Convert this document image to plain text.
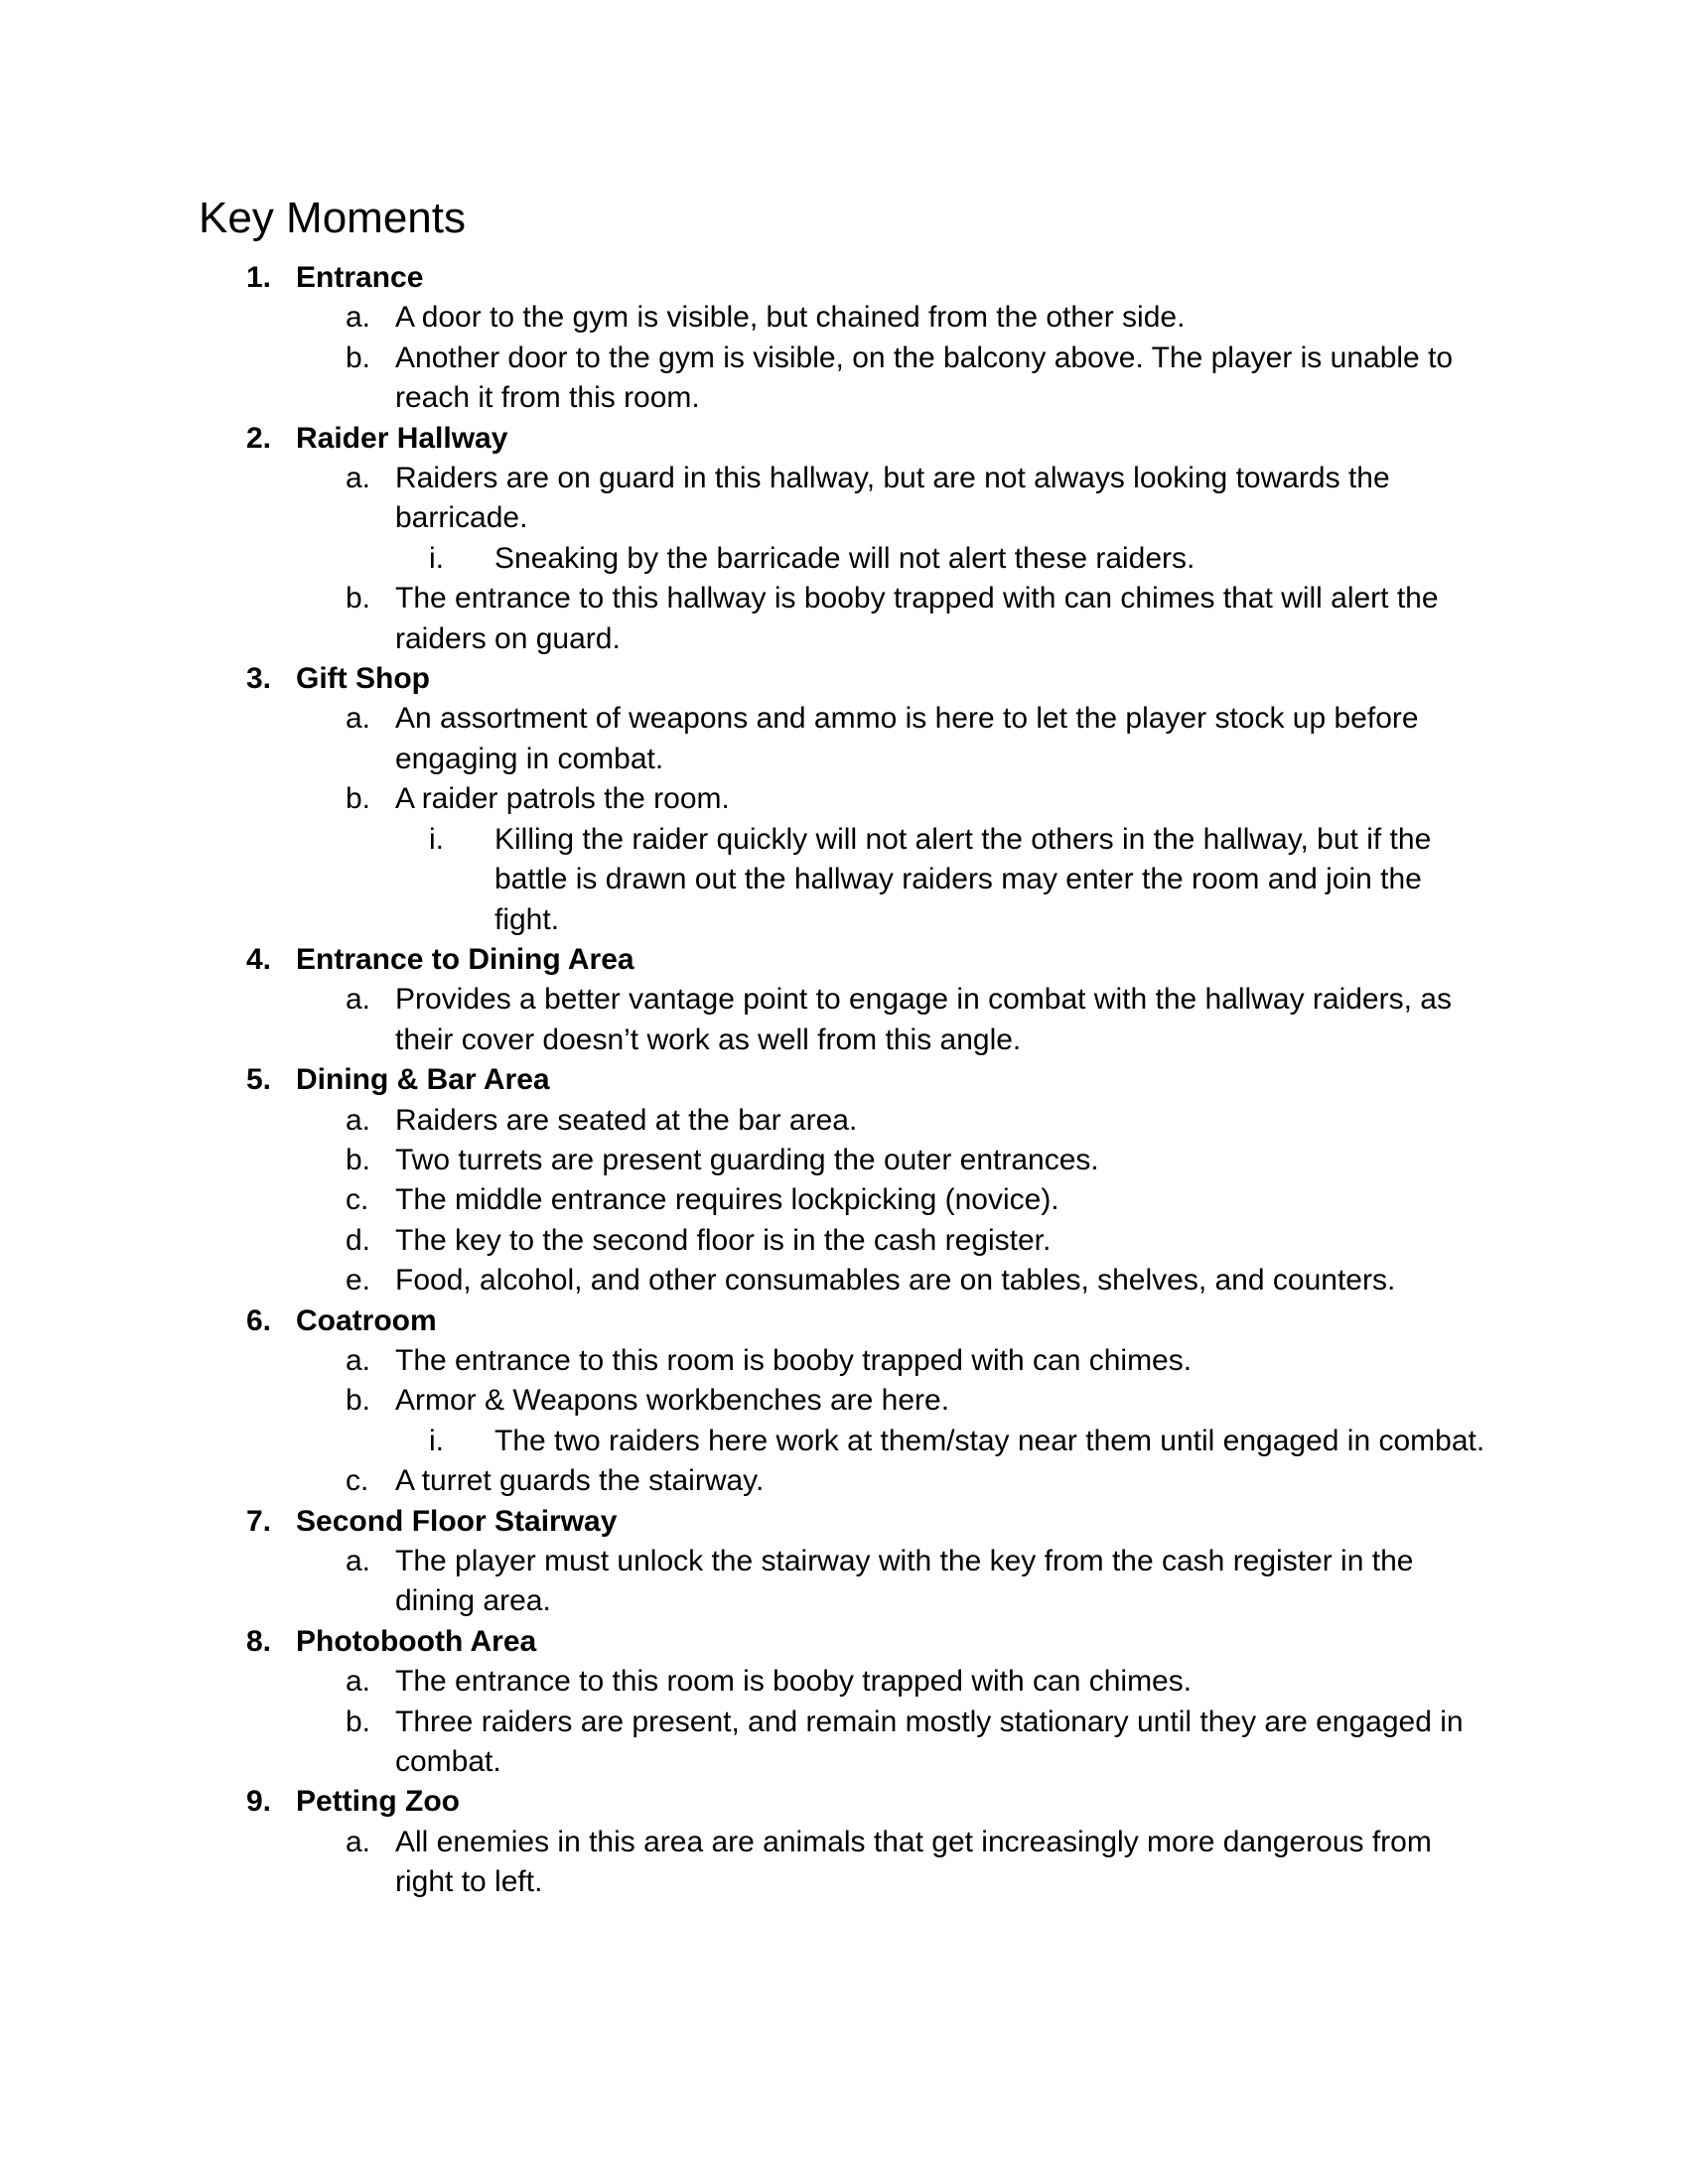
Key Moments
1. Entrance
a. A door to the gym is visible, but chained from the other side.
b. Another door to the gym is visible, on the balcony above. The player is unable to reach it from this room.
2. Raider Hallway
a. Raiders are on guard in this hallway, but are not always looking towards the barricade.
i. Sneaking by the barricade will not alert these raiders.
b. The entrance to this hallway is booby trapped with can chimes that will alert the raiders on guard.
3. Gift Shop
a. An assortment of weapons and ammo is here to let the player stock up before engaging in combat.
b. A raider patrols the room.
i. Killing the raider quickly will not alert the others in the hallway, but if the battle is drawn out the hallway raiders may enter the room and join the fight.
4. Entrance to Dining Area
a. Provides a better vantage point to engage in combat with the hallway raiders, as their cover doesn’t work as well from this angle.
5. Dining & Bar Area
a. Raiders are seated at the bar area.
b. Two turrets are present guarding the outer entrances.
c. The middle entrance requires lockpicking (novice).
d. The key to the second floor is in the cash register.
e. Food, alcohol, and other consumables are on tables, shelves, and counters.
6. Coatroom
a. The entrance to this room is booby trapped with can chimes.
b. Armor & Weapons workbenches are here.
i. The two raiders here work at them/stay near them until engaged in combat.
c. A turret guards the stairway.
7. Second Floor Stairway
a. The player must unlock the stairway with the key from the cash register in the dining area.
8. Photobooth Area
a. The entrance to this room is booby trapped with can chimes.
b. Three raiders are present, and remain mostly stationary until they are engaged in combat.
9. Petting Zoo
a. All enemies in this area are animals that get increasingly more dangerous from right to left.
